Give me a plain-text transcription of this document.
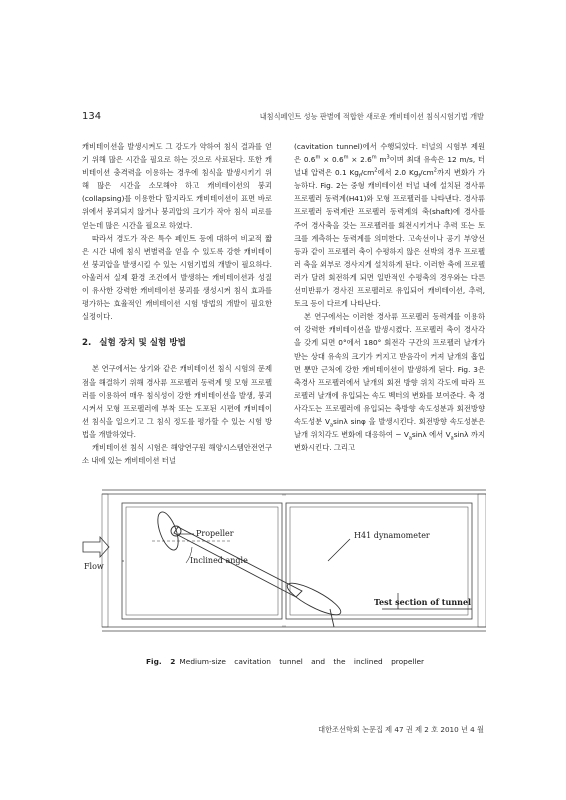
134	내침식페인트 성능 판별에 적합한 새로운 캐비테이션 침식시험기법 개발

캐비테이션을 발생시켜도 그 강도가 약하여 침식 결과를 얻기 위해 많은 시간을 필요로 하는 것으로 사료된다. 또한 캐비테이션 충격력을 이용하는 경우에 침식을 발생시키기 위해 많은 시간을 소모해야 하고 캐비테이션의 붕괴(collapsing)를 이용한다 할지라도 캐비테이션이 표면 바로 위에서 붕괴되지 않거나 붕괴압의 크기가 작아 침식 피로를 얻는데 많은 시간을 필요로 하였다.

따라서 경도가 작은 특수 페인트 등에 대하여 비교적 짧은 시간 내에 침식 변별력을 얻을 수 있도록 강한 캐비테이션 붕괴압을 발생시킬 수 있는 시험기법의 개발이 필요하다. 아울러서 실제 환경 조건에서 발생하는 캐비테이션과 성질이 유사한 강력한 캐비테이션 붕괴를 생성시켜 침식 효과를 평가하는 효율적인 캐비테이션 시험 방법의 개발이 필요한 실정이다.

2. 실험 장치 및 실험 방법

본 연구에서는 상기와 같은 캐비테이션 침식 시험의 문제점을 해결하기 위해 경사류 프로펠러 동력계 및 모형 프로펠러를 이용하여 매우 침식성이 강한 캐비테이션을 발생, 붕괴시켜서 모형 프로펠러에 부착 또는 도포된 시편에 캐비테이션 침식을 일으키고 그 침식 정도를 평가할 수 있는 시험 방법을 개발하였다.

캐비테이션 침식 시험은 해양연구원 해양시스템안전연구소 내에 있는 캐비테이션 터널

(cavitation tunnel)에서 수행되었다. 터널의 시험부 제원은 $0.6^m \times 0.6^m \times 2.6^m$ $m^3$이며 최대 유속은 12 m/s, 터널내 압력은 0.1 $Kg_f/cm^2$에서 2.0 $Kg_f/cm^2$까지 변화가 가능하다. Fig. 2는 중형 캐비테이션 터널 내에 설치된 경사류 프로펠러 동력계(H41)와 모형 프로펠러를 나타낸다. 경사류 프로펠러 동력계란 프로펠러 동력계의 축(shaft)에 경사를 주어 경사축을 갖는 프로펠러를 회전시키거나 추력 또는 토크를 계측하는 동력계를 의미한다. 고속선이나 공기 부양선 등과 같이 프로펠러 축이 수평하지 않은 선박의 경우 프로펠러 축을 외부로 경사지게 설치하게 된다. 이러한 축에 프로펠러가 달려 회전하게 되면 일반적인 수평축의 경우와는 다른 선미반류가 경사진 프로펠러로 유입되어 캐비테이션, 추력, 토크 등이 다르게 나타난다.

본 연구에서는 이러한 경사류 프로펠러 동력계를 이용하여 강력한 캐비테이션을 발생시켰다. 프로펠러 축이 경사각을 갖게 되면 0°에서 180° 회전각 구간의 프로펠러 날개가 받는 상대 유속의 크기가 커지고 받음각이 커져 날개의 흡입면 뿐만 근처에 강한 캐비테이션이 발생하게 된다. Fig. 3은 축경사 프로펠러에서 날개의 회전 방향 위치 각도에 따라 프로펠러 날개에 유입되는 속도 벡터의 변화를 보여준다. 축 경사각도는 프로펠러에 유입되는 축방향 속도성분과 회전방향 속도성분 $V_a\sin\lambda$ sinφ 을 발생시킨다. 회전방향 속도성분은 날개 위치각도 변화에 대응하여 − $V_a\sin\lambda$ 에서 $V_a\sin\lambda$ 까지 변화시킨다. 그리고

Propeller	H41 dynamometer
Inclined angle
Flow
Test section of tunnel
Fig. 2 Medium-size cavitation tunnel and the inclined propeller
대한조선학회 논문집 제 47 권 제 2 호 2010 년 4 월
